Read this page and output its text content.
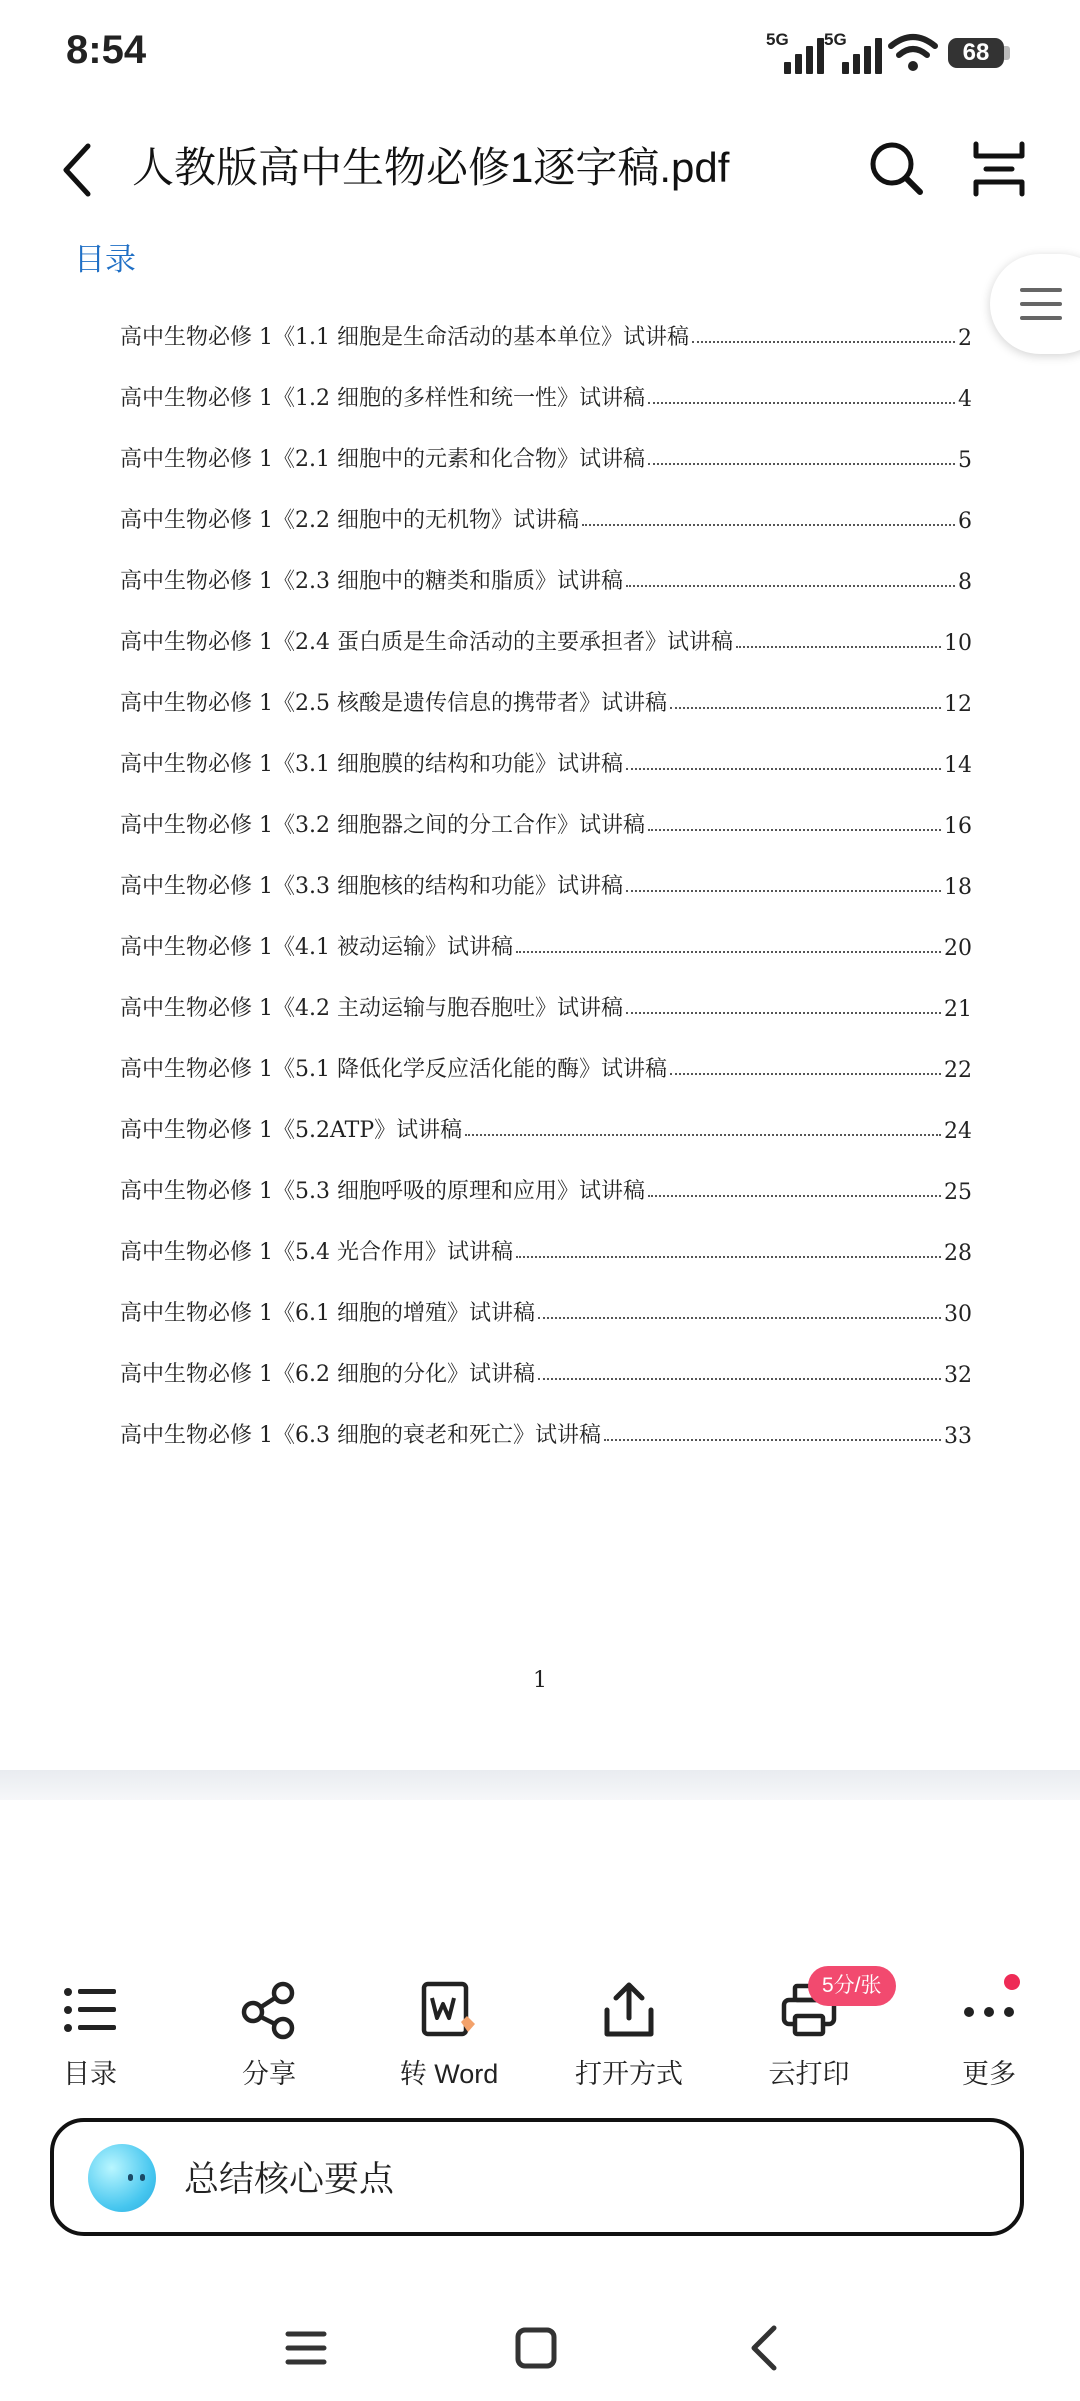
8:54	5G 5G	68
人教版高中生物必修1逐字稿.pdf
目录
高中生物必修 1《1.1 细胞是生命活动的基本单位》试讲稿	2
高中生物必修 1《1.2 细胞的多样性和统一性》试讲稿	4
高中生物必修 1《2.1 细胞中的元素和化合物》试讲稿	5
高中生物必修 1《2.2 细胞中的无机物》试讲稿	6
高中生物必修 1《2.3 细胞中的糖类和脂质》试讲稿	8
高中生物必修 1《2.4 蛋白质是生命活动的主要承担者》试讲稿	10
高中生物必修 1《2.5 核酸是遗传信息的携带者》试讲稿	12
高中生物必修 1《3.1 细胞膜的结构和功能》试讲稿	14
高中生物必修 1《3.2 细胞器之间的分工合作》试讲稿	16
高中生物必修 1《3.3 细胞核的结构和功能》试讲稿	18
高中生物必修 1《4.1 被动运输》试讲稿	20
高中生物必修 1《4.2 主动运输与胞吞胞吐》试讲稿	21
高中生物必修 1《5.1 降低化学反应活化能的酶》试讲稿	22
高中生物必修 1《5.2ATP》试讲稿	24
高中生物必修 1《5.3 细胞呼吸的原理和应用》试讲稿	25
高中生物必修 1《5.4 光合作用》试讲稿	28
高中生物必修 1《6.1 细胞的增殖》试讲稿	30
高中生物必修 1《6.2 细胞的分化》试讲稿	32
高中生物必修 1《6.3 细胞的衰老和死亡》试讲稿	33
1
目录	分享	转 Word	打开方式	云打印	更多
5分/张
总结核心要点
